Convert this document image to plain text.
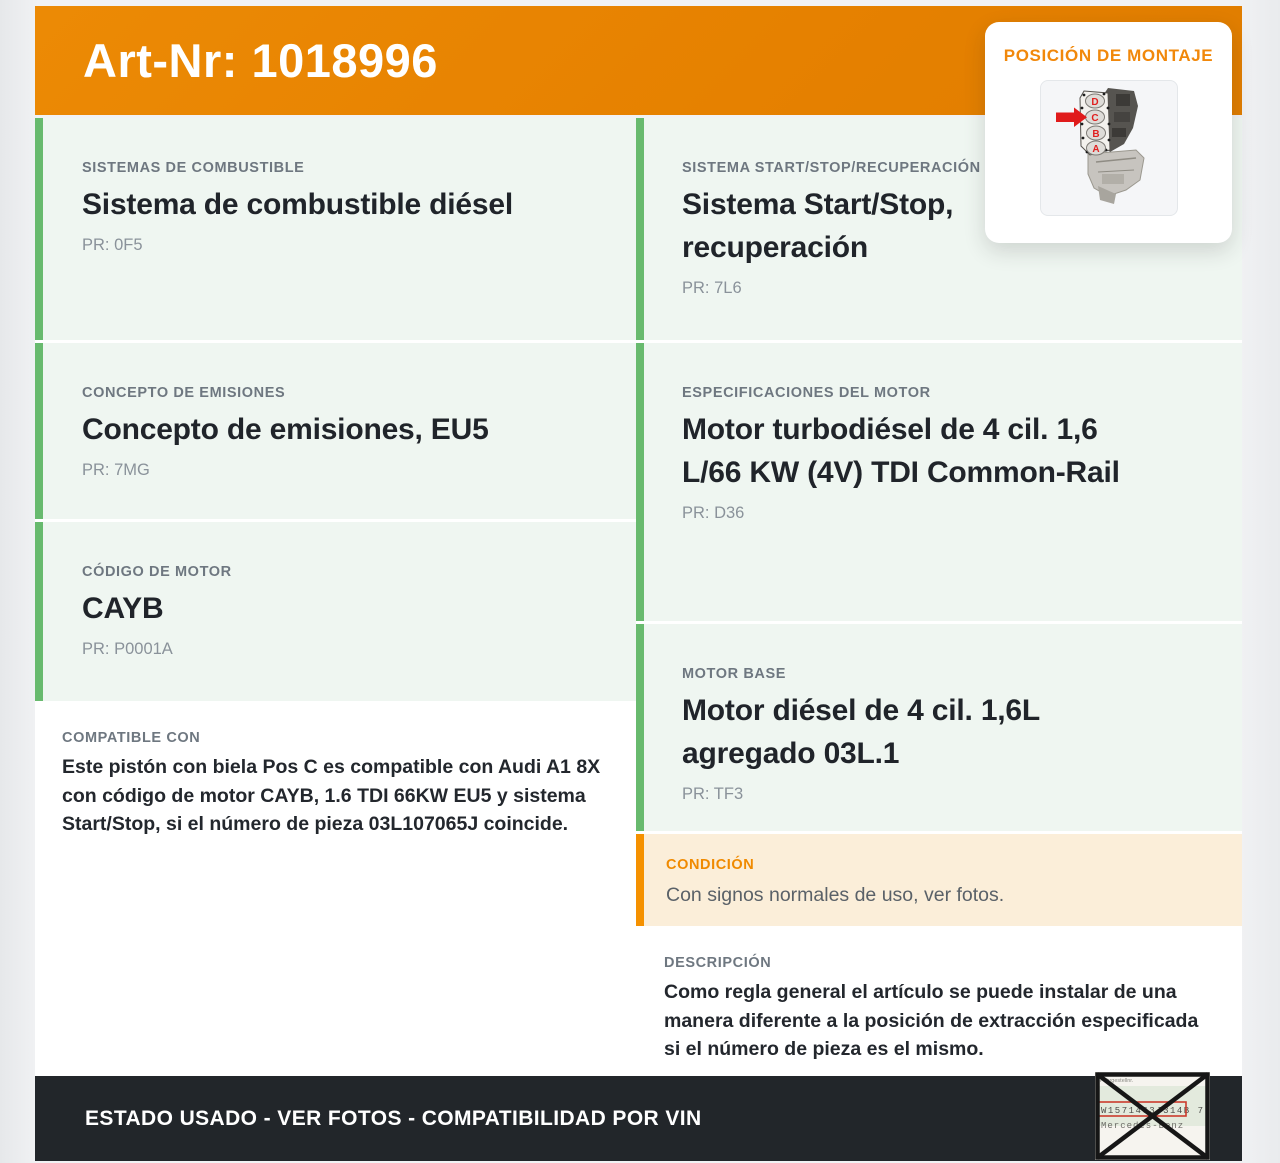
Art-Nr: 1018996
SISTEMAS DE COMBUSTIBLE
Sistema de combustible diésel
PR: 0F5
CONCEPTO DE EMISIONES
Concepto de emisiones, EU5
PR: 7MG
CÓDIGO DE MOTOR
CAYB
PR: P0001A
COMPATIBLE CON
Este pistón con biela Pos C es compatible con Audi A1 8X con código de motor CAYB, 1.6 TDI 66KW EU5 y sistema Start/Stop, si el número de pieza 03L107065J coincide.
SISTEMA START/STOP/RECUPERACIÓN
Sistema Start/Stop, recuperación
PR: 7L6
ESPECIFICACIONES DEL MOTOR
Motor turbodiésel de 4 cil. 1,6 L/66 KW (4V) TDI Common-Rail
PR: D36
MOTOR BASE
Motor diésel de 4 cil. 1,6L agregado 03L.1
PR: TF3
CONDICIÓN
Con signos normales de uso, ver fotos.
DESCRIPCIÓN
Como regla general el artículo se puede instalar de una manera diferente a la posición de extracción especificada si el número de pieza es el mismo.
ESTADO USADO - VER FOTOS - COMPATIBILIDAD POR VIN
POSICIÓN DE MONTAJE
D
C
B
A
Fahrgestellnr.
W1571463J314B 7
Mercedes-Benz
